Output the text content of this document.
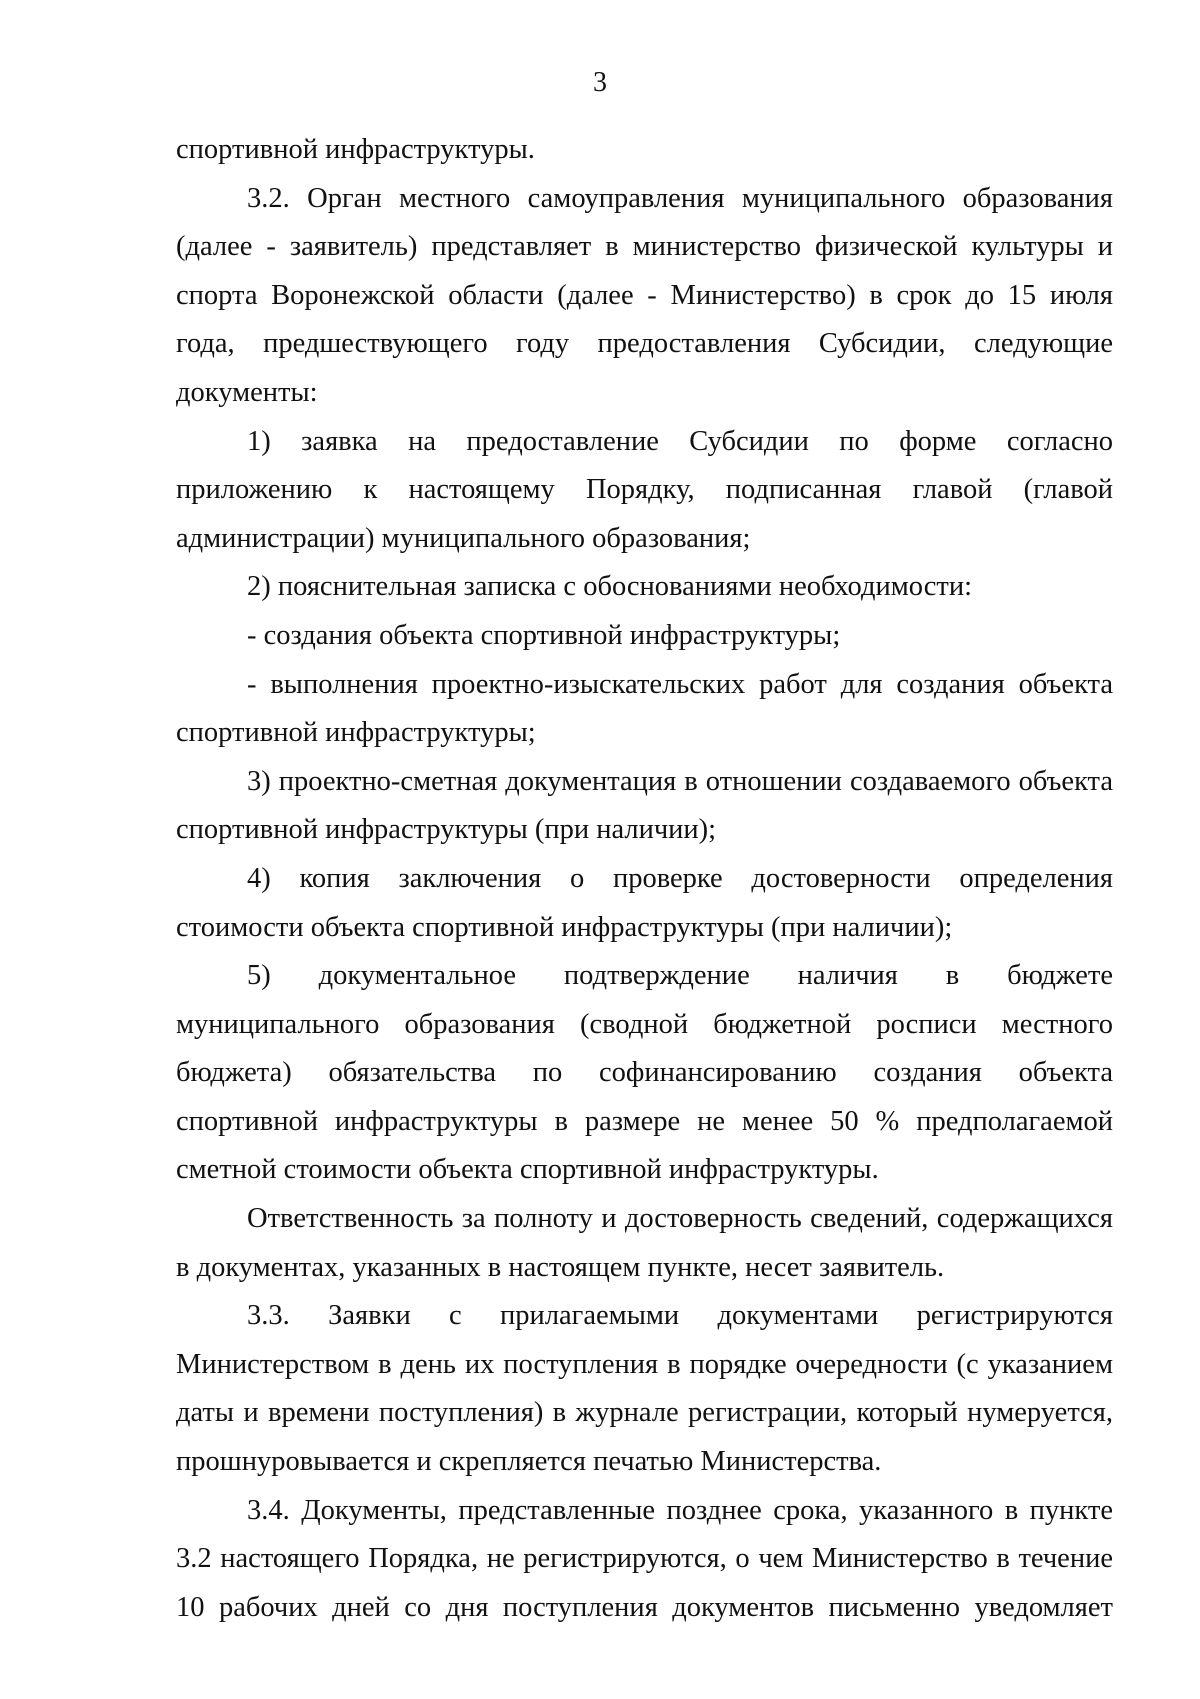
3

спортивной инфраструктуры.

3.2. Орган местного самоуправления муниципального образования (далее - заявитель) представляет в министерство физической культуры и спорта Воронежской области (далее - Министерство) в срок до 15 июля года, предшествующего году предоставления Субсидии, следующие документы:

1) заявка на предоставление Субсидии по форме согласно приложению к настоящему Порядку, подписанная главой (главой администрации) муниципального образования;

2) пояснительная записка с обоснованиями необходимости:

- создания объекта спортивной инфраструктуры;

- выполнения проектно-изыскательских работ для создания объекта спортивной инфраструктуры;

3) проектно-сметная документация в отношении создаваемого объекта спортивной инфраструктуры (при наличии);

4) копия заключения о проверке достоверности определения стоимости объекта спортивной инфраструктуры (при наличии);

5) документальное подтверждение наличия в бюджете муниципального образования (сводной бюджетной росписи местного бюджета) обязательства по софинансированию создания объекта спортивной инфраструктуры в размере не менее 50 % предполагаемой сметной стоимости объекта спортивной инфраструктуры.

Ответственность за полноту и достоверность сведений, содержащихся в документах, указанных в настоящем пункте, несет заявитель.

3.3. Заявки с прилагаемыми документами регистрируются Министерством в день их поступления в порядке очередности (с указанием даты и времени поступления) в журнале регистрации, который нумеруется, прошнуровывается и скрепляется печатью Министерства.

3.4. Документы, представленные позднее срока, указанного в пункте 3.2 настоящего Порядка, не регистрируются, о чем Министерство в течение 10 рабочих дней со дня поступления документов письменно уведомляет
